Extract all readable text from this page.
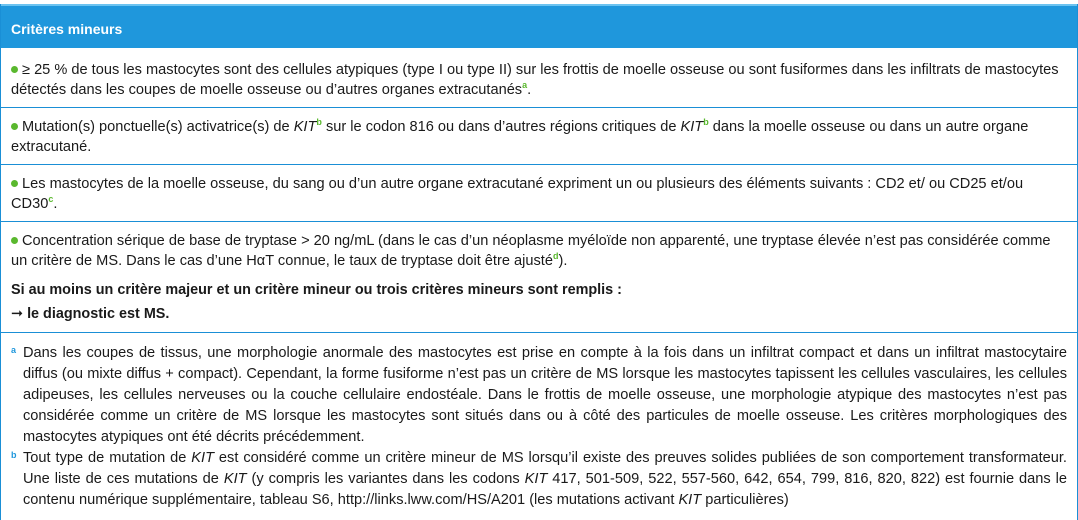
Critères mineurs
≥ 25 % de tous les mastocytes sont des cellules atypiques (type I ou type II) sur les frottis de moelle osseuse ou sont fusiformes dans les infiltrats de mastocytes détectés dans les coupes de moelle osseuse ou d’autres organes extracutanés$^a$.
Mutation(s) ponctuelle(s) activatrice(s) de KIT$^b$ sur le codon 816 ou dans d’autres régions critiques de KIT$^b$ dans la moelle osseuse ou dans un autre organe extracutané.
Les mastocytes de la moelle osseuse, du sang ou d’un autre organe extracutané expriment un ou plusieurs des éléments suivants : CD2 et/ ou CD25 et/ou CD30$^c$.
Concentration sérique de base de tryptase > 20 ng/mL (dans le cas d’un néoplasme myéloïde non apparenté, une tryptase élevée n’est pas considérée comme un critère de MS. Dans le cas d’une HαT connue, le taux de tryptase doit être ajusté$^d$).
Si au moins un critère majeur et un critère mineur ou trois critères mineurs sont remplis :
➞ le diagnostic est MS.
a Dans les coupes de tissus, une morphologie anormale des mastocytes est prise en compte à la fois dans un infiltrat compact et dans un infiltrat mastocytaire diffus (ou mixte diffus + compact). Cependant, la forme fusiforme n’est pas un critère de MS lorsque les mastocytes tapissent les cellules vasculaires, les cellules adipeuses, les cellules nerveuses ou la couche cellulaire endostéale. Dans le frottis de moelle osseuse, une morphologie atypique des mastocytes n’est pas considérée comme un critère de MS lorsque les mastocytes sont situés dans ou à côté des particules de moelle osseuse. Les critères morphologiques des mastocytes atypiques ont été décrits précédemment.
b Tout type de mutation de KIT est considéré comme un critère mineur de MS lorsqu’il existe des preuves solides publiées de son comportement transformateur. Une liste de ces mutations de KIT (y compris les variantes dans les codons KIT 417, 501-509, 522, 557-560, 642, 654, 799, 816, 820, 822) est fournie dans le contenu numérique supplémentaire, tableau S6, http://links.lww.com/HS/A201 (les mutations activant KIT particulières)
